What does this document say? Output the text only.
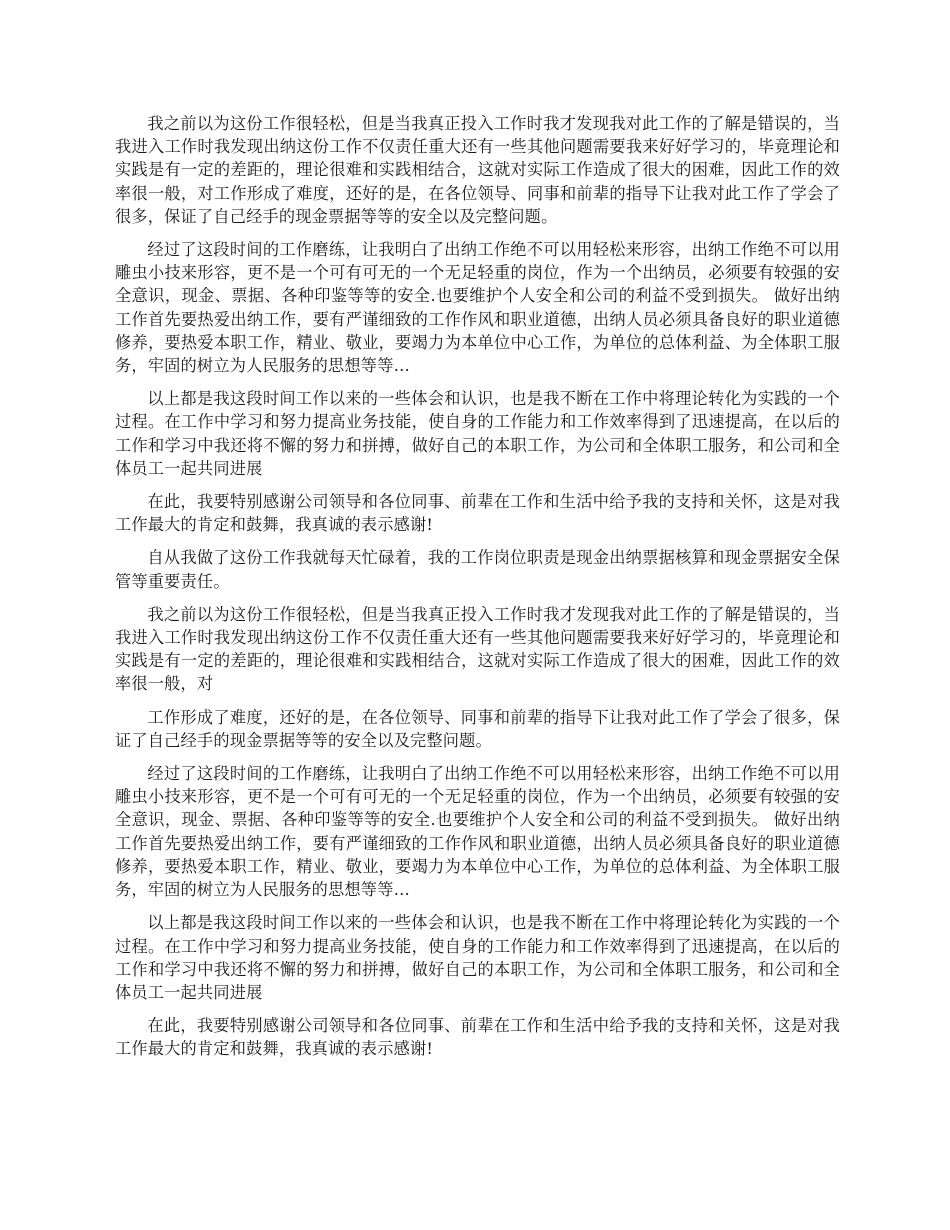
我之前以为这份工作很轻松，但是当我真正投入工作时我才发现我对此工作的了解是错误的，当我进入工作时我发现出纳这份工作不仅责任重大还有一些其他问题需要我来好好学习的，毕竟理论和实践是有一定的差距的，理论很难和实践相结合，这就对实际工作造成了很大的困难，因此工作的效率很一般，对工作形成了难度，还好的是，在各位领导、同事和前辈的指导下让我对此工作了学会了很多，保证了自己经手的现金票据等等的安全以及完整问题。

经过了这段时间的工作磨练，让我明白了出纳工作绝不可以用轻松来形容，出纳工作绝不可以用雕虫小技来形容，更不是一个可有可无的一个无足轻重的岗位，作为一个出纳员，必须要有较强的安全意识，现金、票据、各种印鉴等等的安全.也要维护个人安全和公司的利益不受到损失。 做好出纳工作首先要热爱出纳工作，要有严谨细致的工作作风和职业道德，出纳人员必须具备良好的职业道德修养，要热爱本职工作，精业、敬业，要竭力为本单位中心工作，为单位的总体利益、为全体职工服务，牢固的树立为人民服务的思想等等…

以上都是我这段时间工作以来的一些体会和认识，也是我不断在工作中将理论转化为实践的一个过程。在工作中学习和努力提高业务技能，使自身的工作能力和工作效率得到了迅速提高，在以后的工作和学习中我还将不懈的努力和拼搏，做好自己的本职工作，为公司和全体职工服务，和公司和全体员工一起共同进展

在此，我要特别感谢公司领导和各位同事、前辈在工作和生活中给予我的支持和关怀，这是对我工作最大的肯定和鼓舞，我真诚的表示感谢!

自从我做了这份工作我就每天忙碌着，我的工作岗位职责是现金出纳票据核算和现金票据安全保管等重要责任。

我之前以为这份工作很轻松，但是当我真正投入工作时我才发现我对此工作的了解是错误的，当我进入工作时我发现出纳这份工作不仅责任重大还有一些其他问题需要我来好好学习的，毕竟理论和实践是有一定的差距的，理论很难和实践相结合，这就对实际工作造成了很大的困难，因此工作的效率很一般，对

工作形成了难度，还好的是，在各位领导、同事和前辈的指导下让我对此工作了学会了很多，保证了自己经手的现金票据等等的安全以及完整问题。

经过了这段时间的工作磨练，让我明白了出纳工作绝不可以用轻松来形容，出纳工作绝不可以用雕虫小技来形容，更不是一个可有可无的一个无足轻重的岗位，作为一个出纳员，必须要有较强的安全意识，现金、票据、各种印鉴等等的安全.也要维护个人安全和公司的利益不受到损失。 做好出纳工作首先要热爱出纳工作，要有严谨细致的工作作风和职业道德，出纳人员必须具备良好的职业道德修养，要热爱本职工作，精业、敬业，要竭力为本单位中心工作，为单位的总体利益、为全体职工服务，牢固的树立为人民服务的思想等等…

以上都是我这段时间工作以来的一些体会和认识，也是我不断在工作中将理论转化为实践的一个过程。在工作中学习和努力提高业务技能，使自身的工作能力和工作效率得到了迅速提高，在以后的工作和学习中我还将不懈的努力和拼搏，做好自己的本职工作，为公司和全体职工服务，和公司和全体员工一起共同进展

在此，我要特别感谢公司领导和各位同事、前辈在工作和生活中给予我的支持和关怀，这是对我工作最大的肯定和鼓舞，我真诚的表示感谢!
